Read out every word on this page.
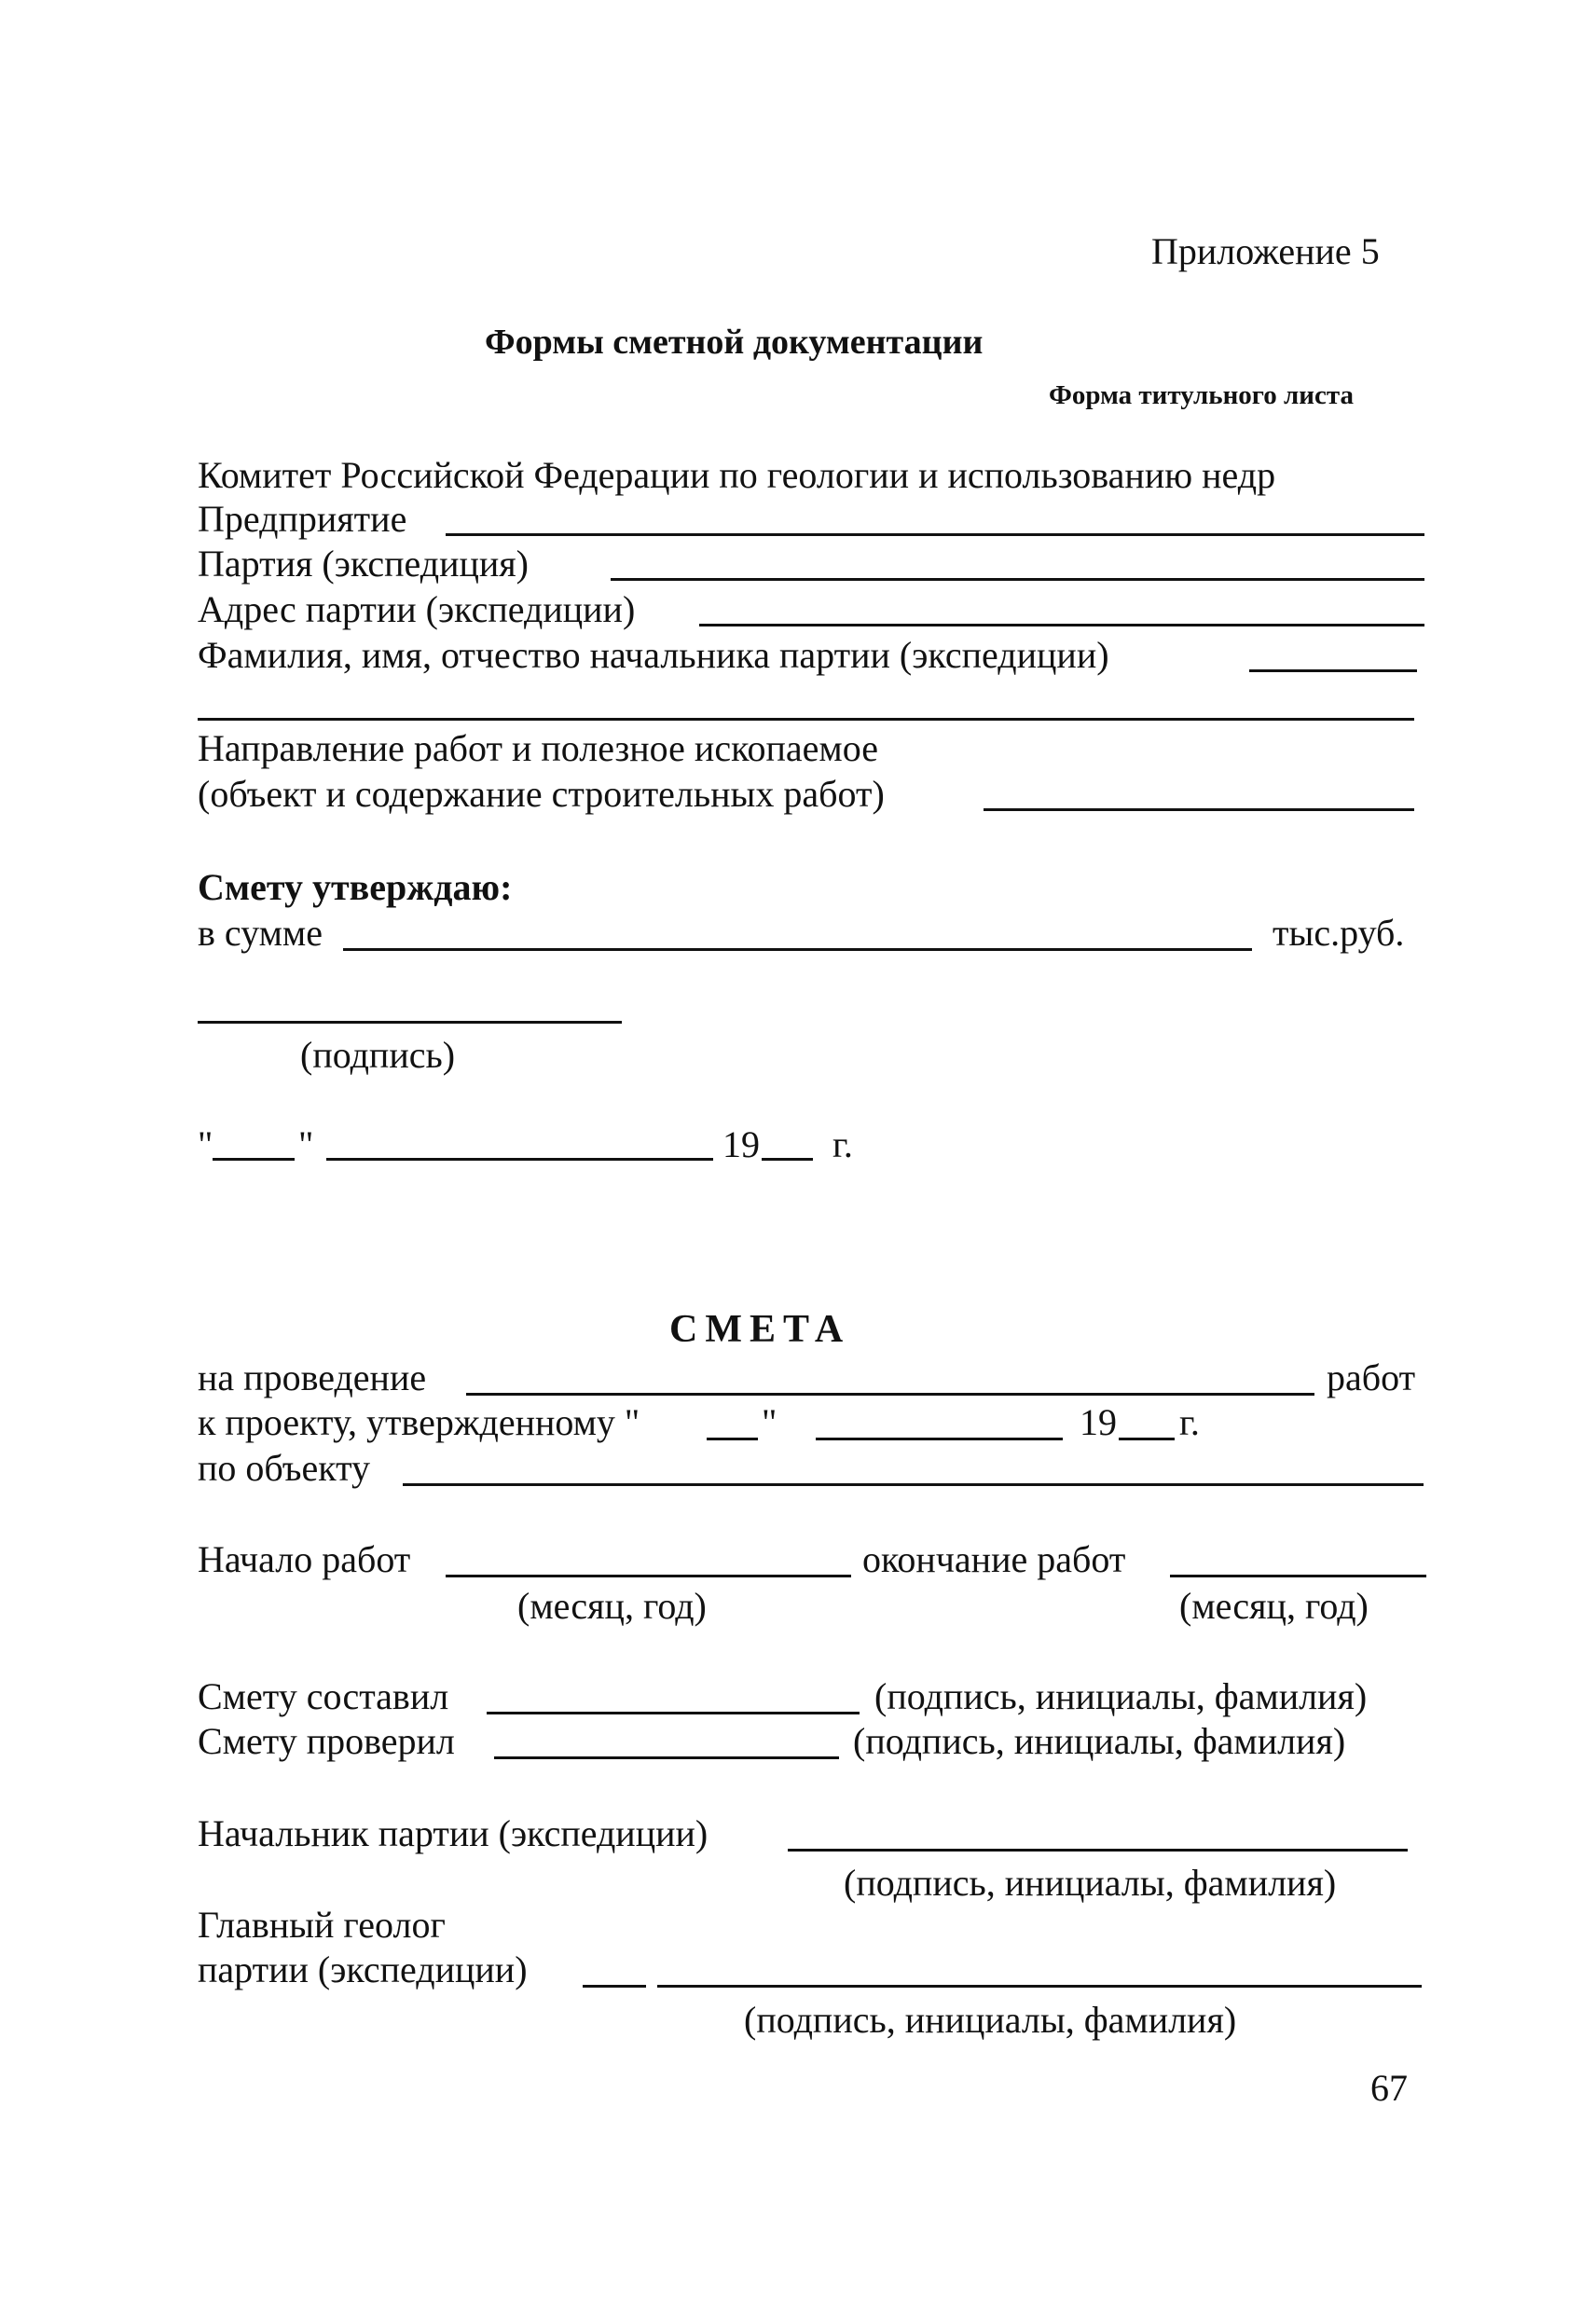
Приложение 5
Формы сметной документации
Форма титульного листа
Комитет Российской Федерации по геологии и использованию недр
Предприятие
Партия (экспедиция)
Адрес партии (экспедиции)
Фамилия, имя, отчество начальника партии (экспедиции)
Направление работ и полезное ископаемое
(объект и содержание строительных работ)
Смету утверждаю:
в сумме	тыс.руб.
(подпись)
" "	19 г.
СМЕТА
на проведение	работ
к проекту, утвержденному "	"	19 г.
по объекту
Начало работ	окончание работ
(месяц, год)	(месяц, год)
Смету составил	(подпись, инициалы, фамилия)
Смету проверил	(подпись, инициалы, фамилия)
Начальник партии (экспедиции)
(подпись, инициалы, фамилия)
Главный геолог
партии (экспедиции)
(подпись, инициалы, фамилия)
67
